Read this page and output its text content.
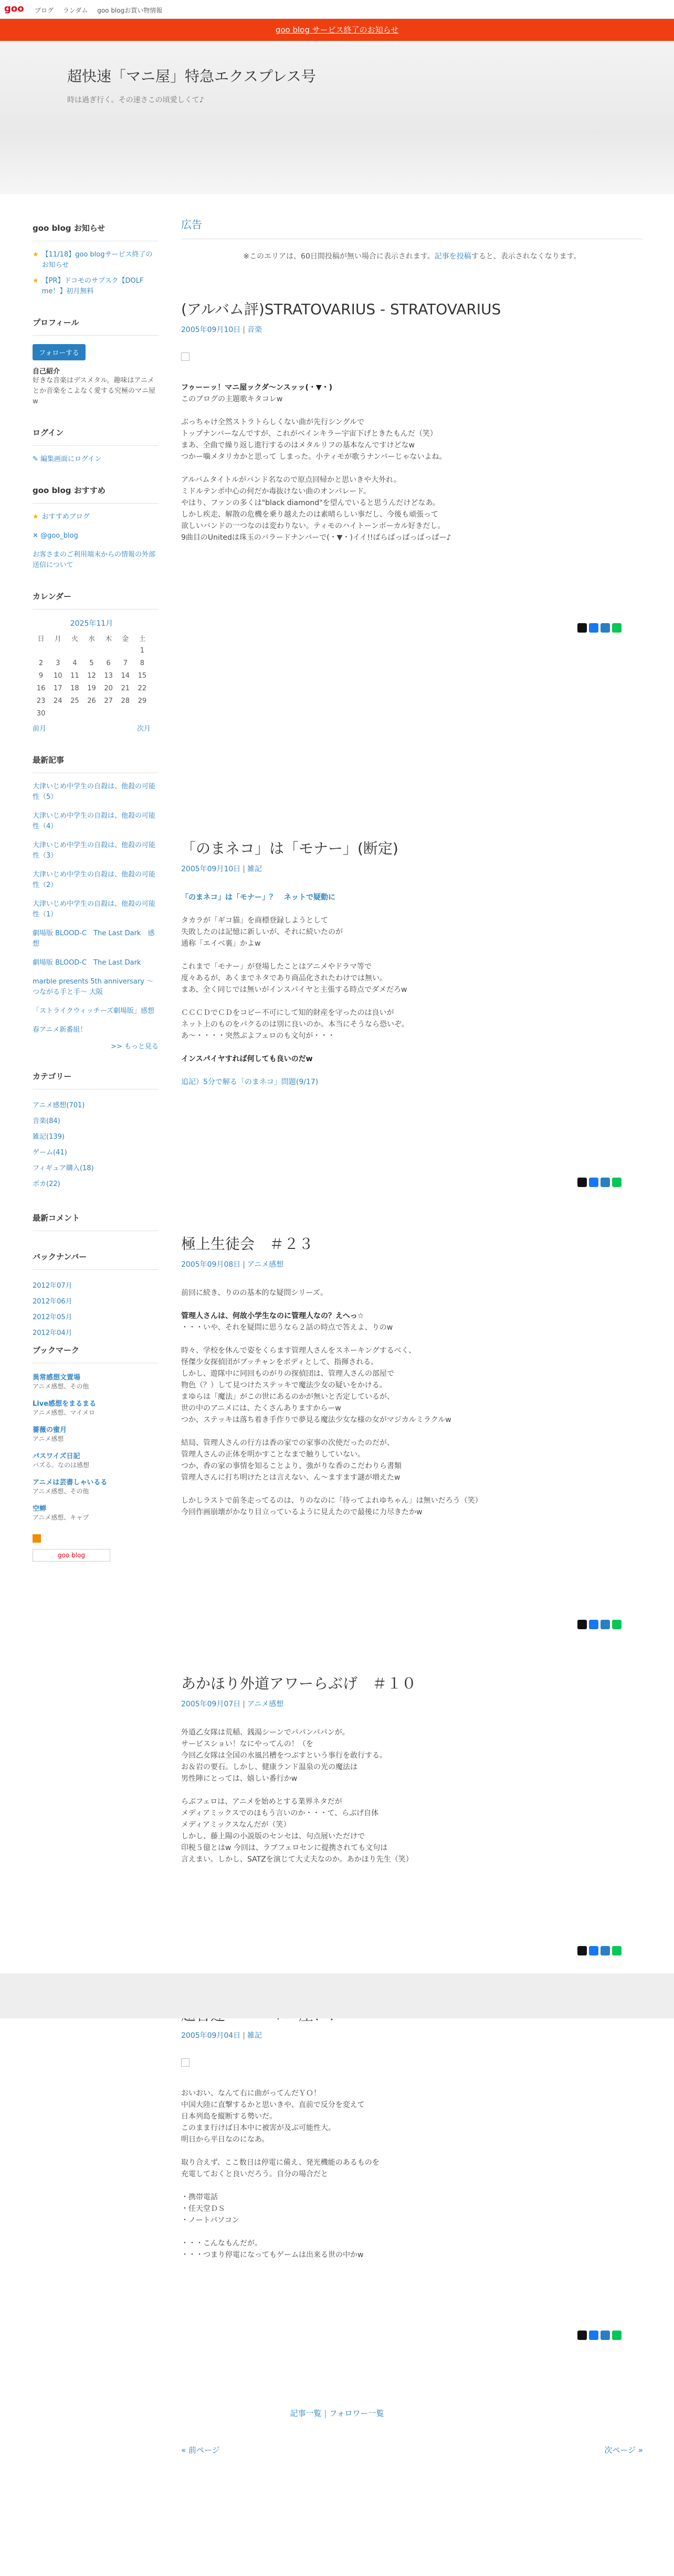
goo ブログ ランダム goo blogお買い物情報
goo blog サービス終了のお知らせ
超快速「マニ屋」特急エクスプレス号
時は過ぎ行く。その速さこの頃愛しくて♪
goo blog お知らせ
★ 【11/18】goo blogサービス終了のお知らせ
★ 【PR】ドコモのサブスク【DOLF me！】初月無料
プロフィール
フォローする
自己紹介
好きな音楽はデスメタル。趣味はアニメとか音楽をこよなく愛する究極のマニ屋w
ログイン
✎ 編集画面にログイン
goo blog おすすめ
★ おすすめブログ
✕ @goo_blog
お客さまのご利用端末からの情報の外部送信について
カレンダー
2025年11月
日	月	火	水	木	金	土
						1
2	3	4	5	6	7	8
9	10	11	12	13	14	15
16	17	18	19	20	21	22
23	24	25	26	27	28	29
30						
前月	次月
最新記事
大津いじめ中学生の自殺は、他殺の可能性（5）
大津いじめ中学生の自殺は、他殺の可能性（4）
大津いじめ中学生の自殺は、他殺の可能性（3）
大津いじめ中学生の自殺は、他殺の可能性（2）
大津いじめ中学生の自殺は、他殺の可能性（1）
劇場版 BLOOD-C　The Last Dark　感想
劇場版 BLOOD-C　The Last Dark
marble presents 5th anniversary ～つながる手と手～ 大阪
「ストライクウィッチーズ劇場版」感想
春アニメ新番組！
>> もっと見る
カテゴリー
アニメ感想(701)
音楽(84)
雑記(139)
ゲーム(41)
フィギュア購入(18)
ポカ(22)
最新コメント
バックナンバー
2012年07月
2012年06月
2012年05月
2012年04月
ブックマーク
異常感想文置場
アニメ感想、その他
Live感想をまるまる
アニメ感想、マイメロ
薔薇の蜜月
アニメ感想
パスワイズ日記
バズる。なのは感想
アニメは芸書しゃいるる
アニメ感想、その他
空蝉
アニメ感想、キャプ

goo blog
広告
※このエリアは、60日間投稿が無い場合に表示されます。記事を投稿すると、表示されなくなります。
(アルバム評)STRATOVARIUS - STRATOVARIUS
2005年09月10日 | 音楽

フゥーーッ！マニ屋ックダ〜ンスッッ(・▼・)

このブログの主題歌キタコレw

ぶっちゃけ全然ストラトらしくない曲が先行シングルで

トップナンバーなんですが、これがベインキラー宇宙下げときたもんだ（笑）

まあ、全曲で繰り返し進行するのはメタルリフの基本なんですけどなw

つかー噛メタリカかと思って しまった。小ティモが歌うナンバーじゃないよね。

アルバムタイトルがバンド名なので原点回帰かと思いきや大外れ。

ミドルテンポ中心の何だか毒抜けない曲のオンパレード。

やはり、ファンの多くは"black diamond"を望んでいると思うんだけどなあ。

しかし疾走、解散の危機を乗り越えたのは素晴らしい事だし、今後も頑張って

欲しいバンドの一つなのは変わりない。ティモのハイトーンボーカル好きだし。

9曲目のUnitedは珠玉のバラードナンバーで(・▼・)イイ!!ぱらぱっぱっぱっぱー♪

「のまネコ」は「モナー」(断定)
2005年09月10日 | 雑記

「のまネコ」は「モナー」？　ネットで疑動に

タカラが「ギコ猫」を商標登録しようとして

失敗したのは記憶に新しいが、それに続いたのが

通称「エイベ裏」かよw

これまで「モナー」が登場したことはアニメやドラマ等で

度々あるが、あくまでネタであり商品化されたわけでは無い。

まあ、全く同じでは無いがインスパイヤと主張する時点でダメだろw

ＣＣＣＤでＣＤをコピー不可にして知的財産を守ったのは良いが

ネット上のものをパクるのは別に良いのか。本当にそうなら恐いぞ。

あ〜・・・・突然ぷよフェロのも文句が・・・

インスパイヤすれば何しても良いのだw

追記）5分で解る「のまネコ」問題(9/17)

極上生徒会　＃２３
2005年09月08日 | アニメ感想

前回に続き、りのの基本的な疑問シリーズ。

管理人さんは、何故小学生なのに管理人なの？えへっ☆

・・・いや、それを疑問に思うなら２話の時点で答えよ、りのw

時々、学校を休んで姿をくらます管理人さんをスネーキングするべく、

怪傑少女探偵団がブッチャンをボディとして、指揮される。

しかし、遊隊中に同回ものがりの探偵団は、管理人さんの部屋で

物色（？）して見つけたステッキで魔法少女の疑いをかける。

まゆらは「魔法」がこの世にあるのかが無いと否定しているが、

世の中のアニメには、たくさんありますからーw

つか、ステッキは落ち着き手作りで夢見る魔法少女な様の女がマジカルミラクルw

結局、管理人さんの行方は香の家での家事の次使だったのだが、

管理人さんの正体を明かすことなまで触りしていない。

つか、香の家の事情を知ることより、強がりな香のこだわりら書類

管理人さんに打ち明けたとは言えない、ん〜ますます謎が増えたw

しかしラストで前冬走ってるのは、りのなのに「待ってよれゆちゃん」は無いだろう（笑）

今回作画崩壊がかなり目立っているように見えたので最後に力尽きたかw

あかほり外道アワーらぶげ　＃１０
2005年09月07日 | アニメ感想

外道乙女隊は荒稲、銭湯シーンでパパンパパンが。

サービスショい！なにやってんの！（を

今回乙女隊は全国の水風呂槽をつぶすという事行を敢行する。

お＆岩の要石。しかし、健康ランド温泉の光の魔法は

男性陣にとっては、嬉しい番行かw

らぶフェロは、アニメを始めとする業界ネタだが

メディアミックスでのほもう言いのか・・・て、らぶげ自体

メディアミックスなんだが（笑）

しかし、藤上陽の小説版のセンセは、句点展いただけで

印税５億とはw 今回は、ラブフェロセンに提携されても文句は

言えまい。しかし、SATZを演じて大丈夫なのか。あかほり先生（笑）

2005年09月04日 | 雑記

おいおい、なんて右に曲がってんだＹＯ！

中国大陸に直撃するかと思いきや、直前で反分を変えて

日本列島を縦断する勢いだ。

このまま行けば日本中に被害が及ぶ可能性大。

明日から平日なのになあ。

取り合えず、ここ数日は停電に備え、発光機能のあるものを

充電しておくと良いだろう。自分の場合だと

・携帯電話

・任天堂ＤＳ

・ノートパソコン

・・・こんなもんだが。

・・・つまり停電になってもゲームは出来る世の中かw

記事一覧 | フォロワー一覧
« 前ページ	次ページ »
